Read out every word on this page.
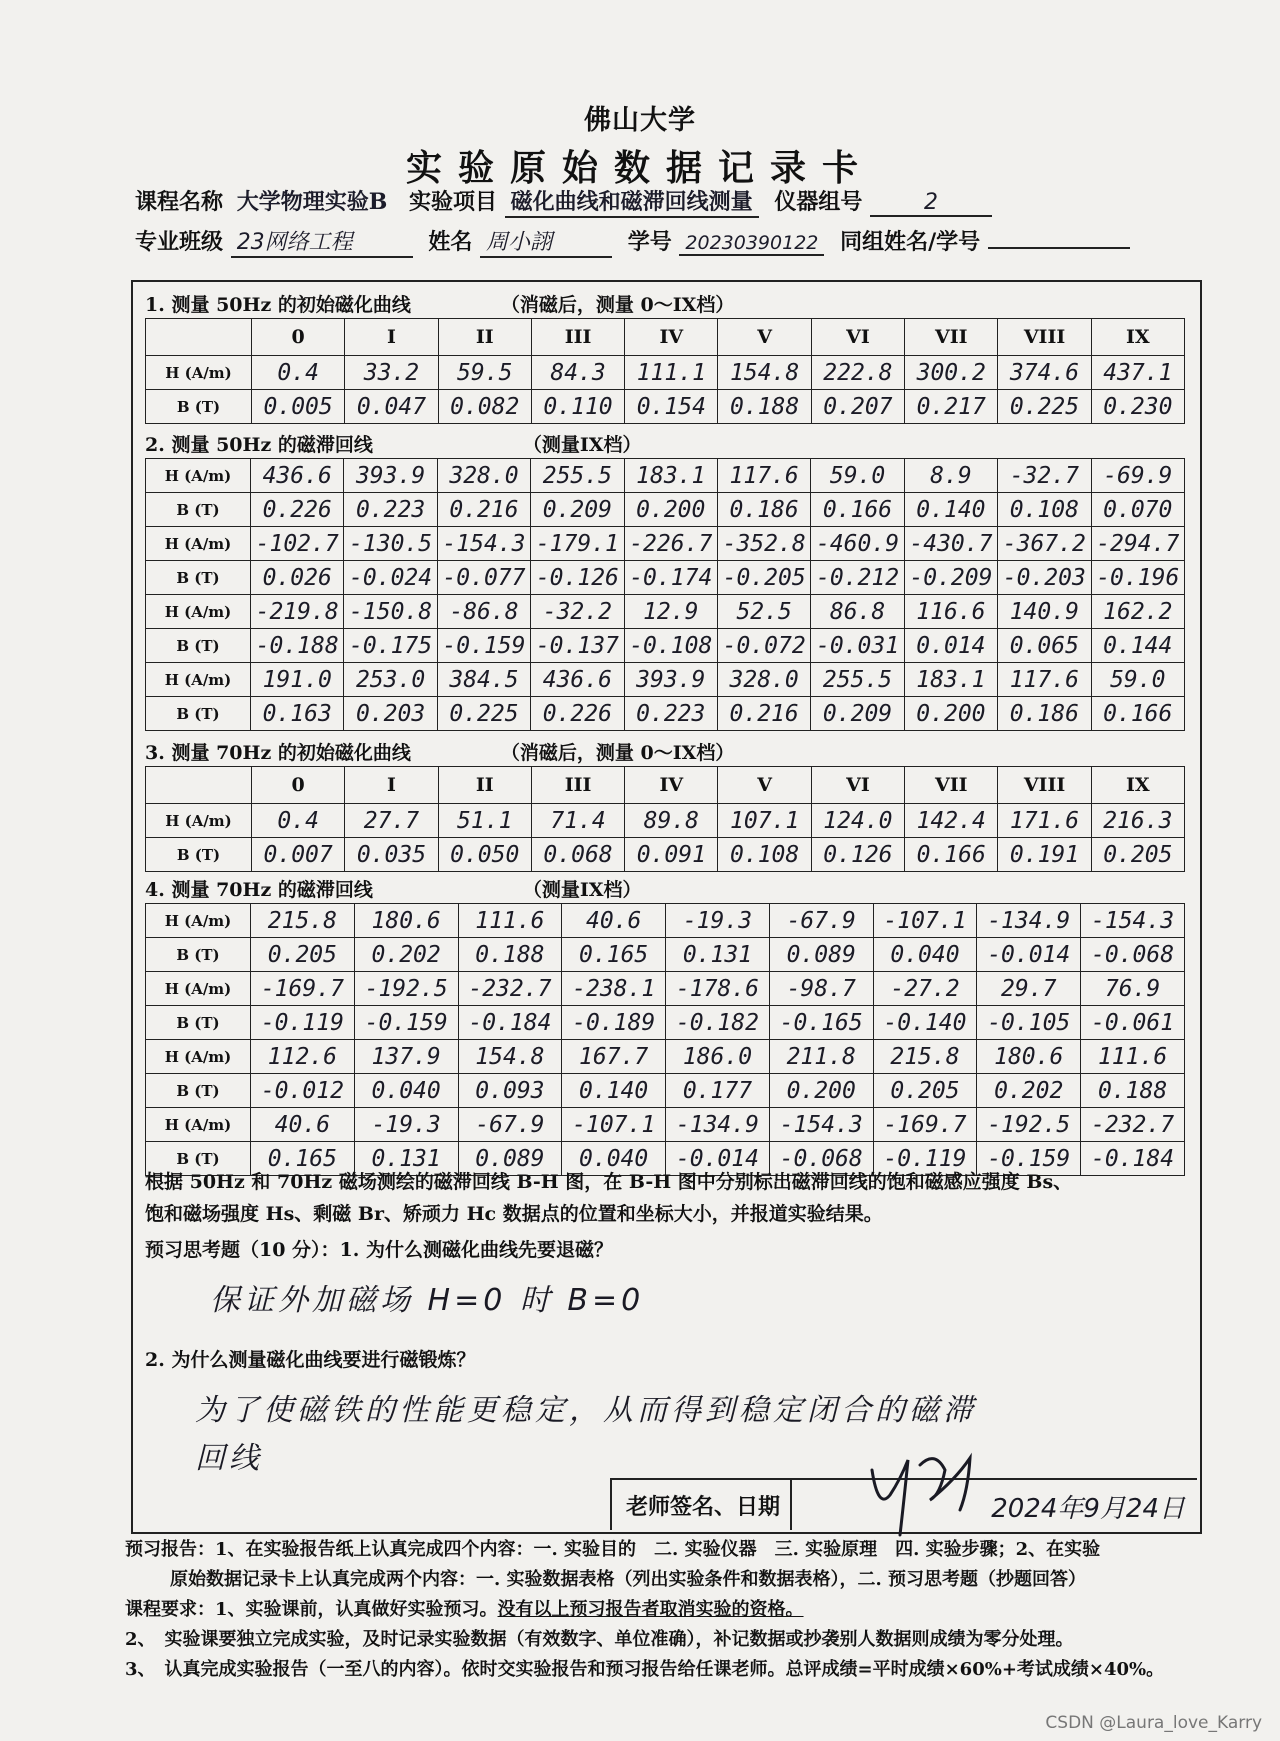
佛山大学
实验原始数据记录卡
课程名称 大学物理实验B 实验项目 磁化曲线和磁滞回线测量 仪器组号	2
专业班级 23网络工程	姓名 周小詡	学号 20230390122 同组姓名/学号
1. 测量 50Hz 的初始磁化曲线	（消磁后，测量 0～IX档）
	0	I	II	III	IV	V	VI	VII	VIII	IX
H (A/m)	0.4	33.2	59.5	84.3	111.1	154.8	222.8	300.2	374.6	437.1
B (T)	0.005	0.047	0.082	0.110	0.154	0.188	0.207	0.217	0.225	0.230
2. 测量 50Hz 的磁滞回线	（测量IX档）
H (A/m)	436.6	393.9	328.0	255.5	183.1	117.6	59.0	8.9	-32.7	-69.9
B (T)	0.226	0.223	0.216	0.209	0.200	0.186	0.166	0.140	0.108	0.070
H (A/m)	-102.7	-130.5	-154.3	-179.1	-226.7	-352.8	-460.9	-430.7	-367.2	-294.7
B (T)	0.026	-0.024	-0.077	-0.126	-0.174	-0.205	-0.212	-0.209	-0.203	-0.196
H (A/m)	-219.8	-150.8	-86.8	-32.2	12.9	52.5	86.8	116.6	140.9	162.2
B (T)	-0.188	-0.175	-0.159	-0.137	-0.108	-0.072	-0.031	0.014	0.065	0.144
H (A/m)	191.0	253.0	384.5	436.6	393.9	328.0	255.5	183.1	117.6	59.0
B (T)	0.163	0.203	0.225	0.226	0.223	0.216	0.209	0.200	0.186	0.166
3. 测量 70Hz 的初始磁化曲线	（消磁后，测量 0～IX档）
	0	I	II	III	IV	V	VI	VII	VIII	IX
H (A/m)	0.4	27.7	51.1	71.4	89.8	107.1	124.0	142.4	171.6	216.3
B (T)	0.007	0.035	0.050	0.068	0.091	0.108	0.126	0.166	0.191	0.205
4. 测量 70Hz 的磁滞回线	（测量IX档）
H (A/m)	215.8	180.6	111.6	40.6	-19.3	-67.9	-107.1	-134.9	-154.3
B (T)	0.205	0.202	0.188	0.165	0.131	0.089	0.040	-0.014	-0.068
H (A/m)	-169.7	-192.5	-232.7	-238.1	-178.6	-98.7	-27.2	29.7	76.9
B (T)	-0.119	-0.159	-0.184	-0.189	-0.182	-0.165	-0.140	-0.105	-0.061
H (A/m)	112.6	137.9	154.8	167.7	186.0	211.8	215.8	180.6	111.6
B (T)	-0.012	0.040	0.093	0.140	0.177	0.200	0.205	0.202	0.188
H (A/m)	40.6	-19.3	-67.9	-107.1	-134.9	-154.3	-169.7	-192.5	-232.7
B (T)	0.165	0.131	0.089	0.040	-0.014	-0.068	-0.119	-0.159	-0.184
根据 50Hz 和 70Hz 磁场测绘的磁滞回线 B-H 图，在 B-H 图中分别标出磁滞回线的饱和磁感应强度 Bs、
饱和磁场强度 Hs、剩磁 Br、矫顽力 Hc 数据点的位置和坐标大小，并报道实验结果。
预习思考题（10 分）：1. 为什么测磁化曲线先要退磁？
保证外加磁场 H=0 时 B=0
2. 为什么测量磁化曲线要进行磁锻炼？
为了使磁铁的性能更稳定，从而得到稳定闭合的磁滞
回线
老师签名、日期	2024年9月24日
预习报告：1、在实验报告纸上认真完成四个内容：一. 实验目的　二. 实验仪器　三. 实验原理　四. 实验步骤；2、在实验
原始数据记录卡上认真完成两个内容：一. 实验数据表格（列出实验条件和数据表格），二. 预习思考题（抄题回答）
课程要求：1、实验课前，认真做好实验预习。没有以上预习报告者取消实验的资格。
2、　实验课要独立完成实验，及时记录实验数据（有效数字、单位准确），补记数据或抄袭别人数据则成绩为零分处理。
3、　认真完成实验报告（一至八的内容）。依时交实验报告和预习报告给任课老师。总评成绩=平时成绩×60%+考试成绩×40%。
CSDN @Laura_love_Karry
